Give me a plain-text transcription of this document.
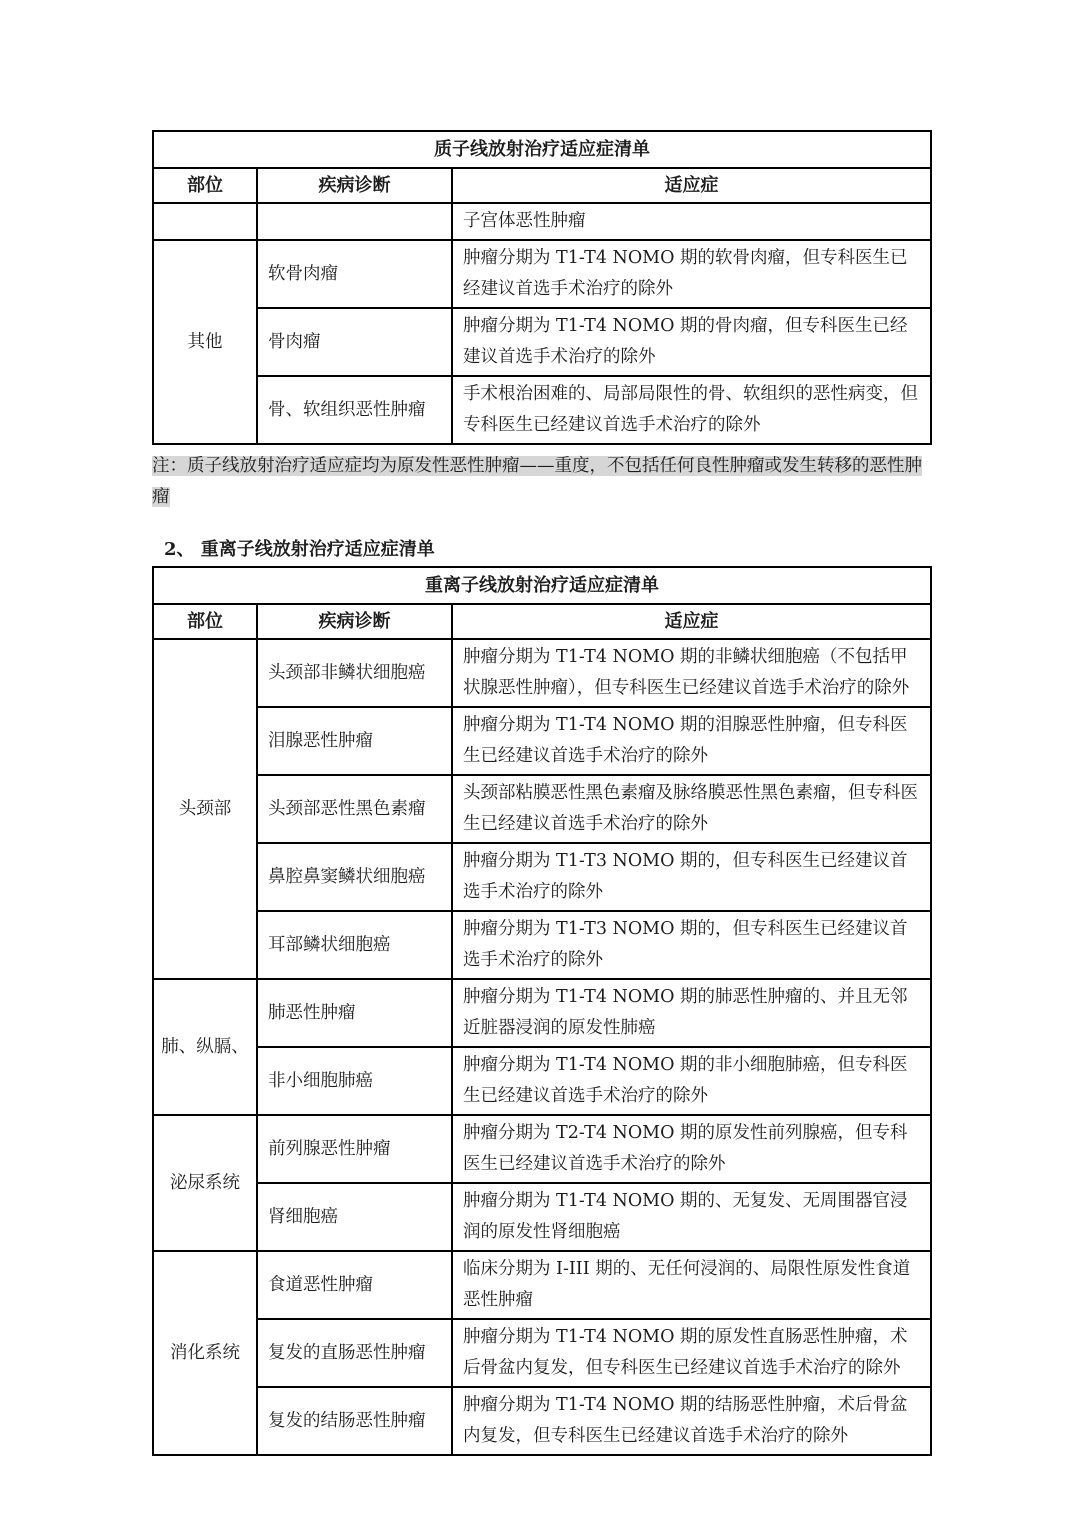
质子线放射治疗适应症清单		
部位	疾病诊断	适应症
		子宫体恶性肿瘤
其他	软骨肉瘤	肿瘤分期为 T1-T4 NOMO 期的软骨肉瘤，但专科医生已经建议首选手术治疗的除外
	骨肉瘤	肿瘤分期为 T1-T4 NOMO 期的骨肉瘤，但专科医生已经建议首选手术治疗的除外
	骨、软组织恶性肿瘤	手术根治困难的、局部局限性的骨、软组织的恶性病变，但专科医生已经建议首选手术治疗的除外
注：质子线放射治疗适应症均为原发性恶性肿瘤——重度，不包括任何良性肿瘤或发生转移的恶性肿瘤
2、 重离子线放射治疗适应症清单
重离子线放射治疗适应症清单		
部位	疾病诊断	适应症
头颈部	头颈部非鳞状细胞癌	肿瘤分期为 T1-T4 NOMO 期的非鳞状细胞癌（不包括甲状腺恶性肿瘤），但专科医生已经建议首选手术治疗的除外
	泪腺恶性肿瘤	肿瘤分期为 T1-T4 NOMO 期的泪腺恶性肿瘤，但专科医生已经建议首选手术治疗的除外
	头颈部恶性黑色素瘤	头颈部粘膜恶性黑色素瘤及脉络膜恶性黑色素瘤，但专科医生已经建议首选手术治疗的除外
	鼻腔鼻窦鳞状细胞癌	肿瘤分期为 T1-T3 NOMO 期的，但专科医生已经建议首选手术治疗的除外
	耳部鳞状细胞癌	肿瘤分期为 T1-T3 NOMO 期的，但专科医生已经建议首选手术治疗的除外
肺、纵膈、	肺恶性肿瘤	肿瘤分期为 T1-T4 NOMO 期的肺恶性肿瘤的、并且无邻近脏器浸润的原发性肺癌
	非小细胞肺癌	肿瘤分期为 T1-T4 NOMO 期的非小细胞肺癌，但专科医生已经建议首选手术治疗的除外
泌尿系统	前列腺恶性肿瘤	肿瘤分期为 T2-T4 NOMO 期的原发性前列腺癌，但专科医生已经建议首选手术治疗的除外
	肾细胞癌	肿瘤分期为 T1-T4 NOMO 期的、无复发、无周围器官浸润的原发性肾细胞癌
消化系统	食道恶性肿瘤	临床分期为 I-III 期的、无任何浸润的、局限性原发性食道恶性肿瘤
	复发的直肠恶性肿瘤	肿瘤分期为 T1-T4 NOMO 期的原发性直肠恶性肿瘤，术后骨盆内复发，但专科医生已经建议首选手术治疗的除外
	复发的结肠恶性肿瘤	肿瘤分期为 T1-T4 NOMO 期的结肠恶性肿瘤，术后骨盆内复发，但专科医生已经建议首选手术治疗的除外
